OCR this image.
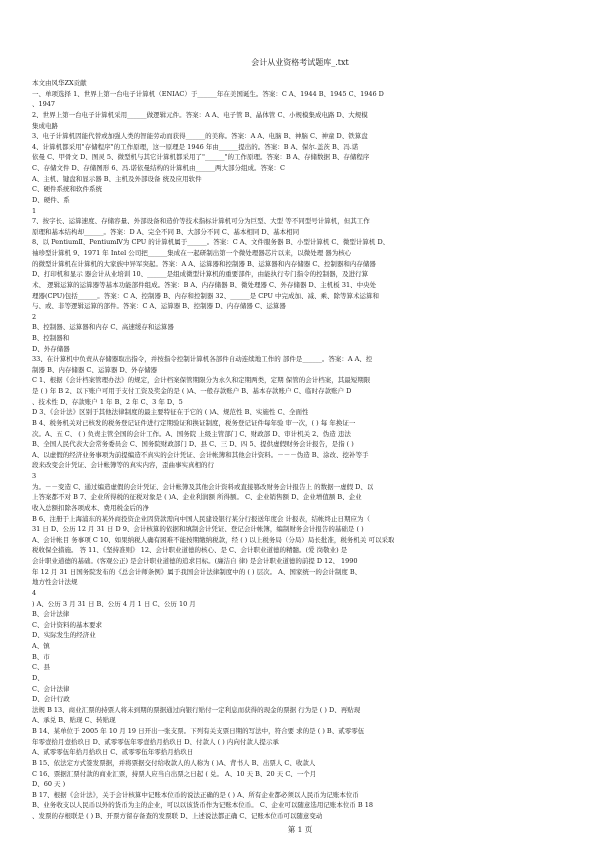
会计从业资格考试题库_.txt
本文由风华ZX贡献
一、单项选择 1、世界上第一台电子计算机（ENIAC）于______年在美国诞生。答案：C A、1944 B、1945 C、1946 D
、1947
2、世界上第一台电子计算机采用______做逻辑元件。答案：A A、电子管 B、晶体管 C、小规模集成电路 D、大规模
集成电路
3、电子计算机因能代替或加强人类的智能劳动而获得______的美称。答案：A A、电脑 B、神脑 C、神童 D、铁算盘
4、计算机都采用"存储程序"的工作原理，这一原理是 1946 年由______提出的。答案：B A、保尔.盖茨 B、冯.诺
依曼 C、甲骨文 D、图灵 5、微型机与其它计算机都采用了"______"的工作原理。答案：B A、存储数据 B、存储程序
C、存储文件 D、存储图形 6、冯.诺依曼结构的计算机由______两大部分组成。答案：C
A、主机、键盘和显示器 B、主机及外部设备 统及应用软件
C、硬件系统和软件系统
D、硬件、系
1
7、按字长、运算速度、存储容量、外部设备和造价等技术指标计算机可分为巨型、大型 等不同型号计算机，但其工作
原理和基本结构却______。答案：D A、完全不同 B、大部分不同 C、基本相同 D、基本相同
8、以 PentiumⅡ、PentiumⅣ为 CPU 的计算机属于______。答案：C A、文件服务器 B、小型计算机 C、微型计算机 D、
袖珍型计算机 9、1971 年 Intel 公司把______集成在一起研制出第一个微处理器芯片以来，以微处理 器为核心
的微型计算机在计算机的大家族中异军突起。答案：A A、运算器和控制器 B、运算器和内存储器 C、控制器和内存储器
D、打印机和显示 器会计从业培训 10、______是组成微型计算机的重要部件，由能执行专门指令的控制器，及进行算
术、 逻辑运算的运算器等基本功能部件组成。答案：B A、内存储器 B、微处理器 C、外存储器 D、主机板 31、中央处
理器(CPU)包括______。答案：C A、控制器 B、内存和控制器 32、______是 CPU 中完成加、减、乘、除等算术运算和
与、或、非等逻辑运算的部件。答案：C A、运算器 B、控制器 D、内存储器 C、运算器
2
B、控制器、运算器和内存 C、高速缓存和运算器
B、控制器和
D、外存储器
33、在计算机中负责从存储器取出指令，并按指令控制计算机各部件自动连续地工作的 部件是______。答案：A A、控
制器 B、内存储器 C、运算器 D、外存储器
C 1、根据《会计档案管理办法》的规定，会计档案保管期限分为永久和定期两类，定期 保管的会计档案，其最短期限
是 ( ) 年 B 2、以下账户可用于支付工资及奖金的是 ( )A、一般存款账户 B、基本存款账户 C、临时存款账户 D
、技术性 D、存款账户 1 年 B、2 年 C、3 年 D、5
D 3、《会计法》区别于其他法律制度的最主要特征在于它的 ( )A、规范性 B、实施性 C、全面性
B 4、税务机关对已核发的税务登记证件进行定期验证和换证制度，税务登记证件每年验 审一次，( ) 每 年换证一
次。A、五 C、 ( ) 负责主管全国的会计工作。A、国务院 上级主管部门 C、财政部 D、审计机关 2、伪造 违法
B、全国人民代表大会常务委员会 C、国务院财政部门 D、县 C、三 D、四 5、提供虚假财务会计报告，是指 ( )
A、以虚假的经济业务事项为前提编造不真实的会计凭证、会计帐簿和其他会计资料。－－－伪造 B、涂改、挖补等手
段来改变会计凭证、会计帐簿等的真实内容，歪曲事实真相的行
3
为。－－变造 C、通过编造虚假的会计凭证、会计帐簿及其他会计资料或直接篡改财务会计报告上 的数据一虚假 D、以
上答案都不对 B 7、企业所得税的征税对象是 ( )A、企业利润额 所得额。 C、企业销售额 D、企业增值额 B、企业
收入总额扣除各项成本、费用税金后的净
B 6、注册于上海浦东的某外商投资企业因贷款需向中国人民建设银行某分行报送年度会 计报表，结帐终止日期应为（
31 日 D、公历 12 月 31 日 D 9、会计核算的依据和填制会计凭证、登记会计帐簿，编制财务会计报告的基础是 ( )
A、会计帐目 务事项 C 10、如果纳税人确有困难不能按期缴纳税款，经 ( ) 以上税务局（分局）局长批准，税务机关 可以采取
税收保全措施。 答 11、《坚持准则》 12、会计职业道德的核心、是 C、会计职业道德的精髓。(爱 岗敬业) 是
会计职业道德的基础。(客观公正) 是会计职业道德的追求目标。(廉洁自 律) 是会计职业道德的前提 D 12、 1990
年 12 月 31 日国务院发布的《总会计师条例》属于我国会计法律制度中的 ( ) 层次。 A、国家统一的会计制度 B、
地方性会计法规
4
) A、公历 3 月 31 日 B、公历 4 月 1 日 C、公历 10 月
B、会计法律
C、会计资料的基本要求
D、实际发生的经济业
A、镇
B、市
C、县
D、
C、会计法律
D、会计行政
法规 B 13、商业汇票的持票人将未到期的票据通过向银行贴付一定利息而获得的现金的票据 行为是 ( ) D、再贴现
A、承兑 B、贴现 C、转贴现
B 14、某单位于 2005 年 10 月 19 日开出一张支票。下列有关支票日期的写法中，符合要 求的是 ( ) B、贰零零伍
年零壹拾月壹拾玖日 D、贰零零伍年零壹拾月拾玖日 D、付款人 ( ) 内向付款人提示承
A、贰零零伍年拾月拾玖日 C、贰零零伍年零拾月拾玖日
B 15、依法定方式签发票据，并将票据交付给收款人的人称为 ( )A、背书人 B、出票人 C、收款人
C 16、票据汇票付款的商业汇票，持票人应当自出票之日起 ( 兑。 A、10 天 B、20 天 C、一个月
D、60 天 )
B 17、根据《会计法》，关于会计核算中记账本位币的说法正确的是 ( ) A、所有企业都必须以人民币为记账本位币
B、业务收支以人民币以外的货币为主的企业，可以以该货币作为记账本位币。 C、企业可以随意选用记账本位币 B 18
、发票的存根联是 ( ) B、开票方留存备查的发票联 D、上述说法都正确 C、记账本位币可以随意变动
第 1 页
